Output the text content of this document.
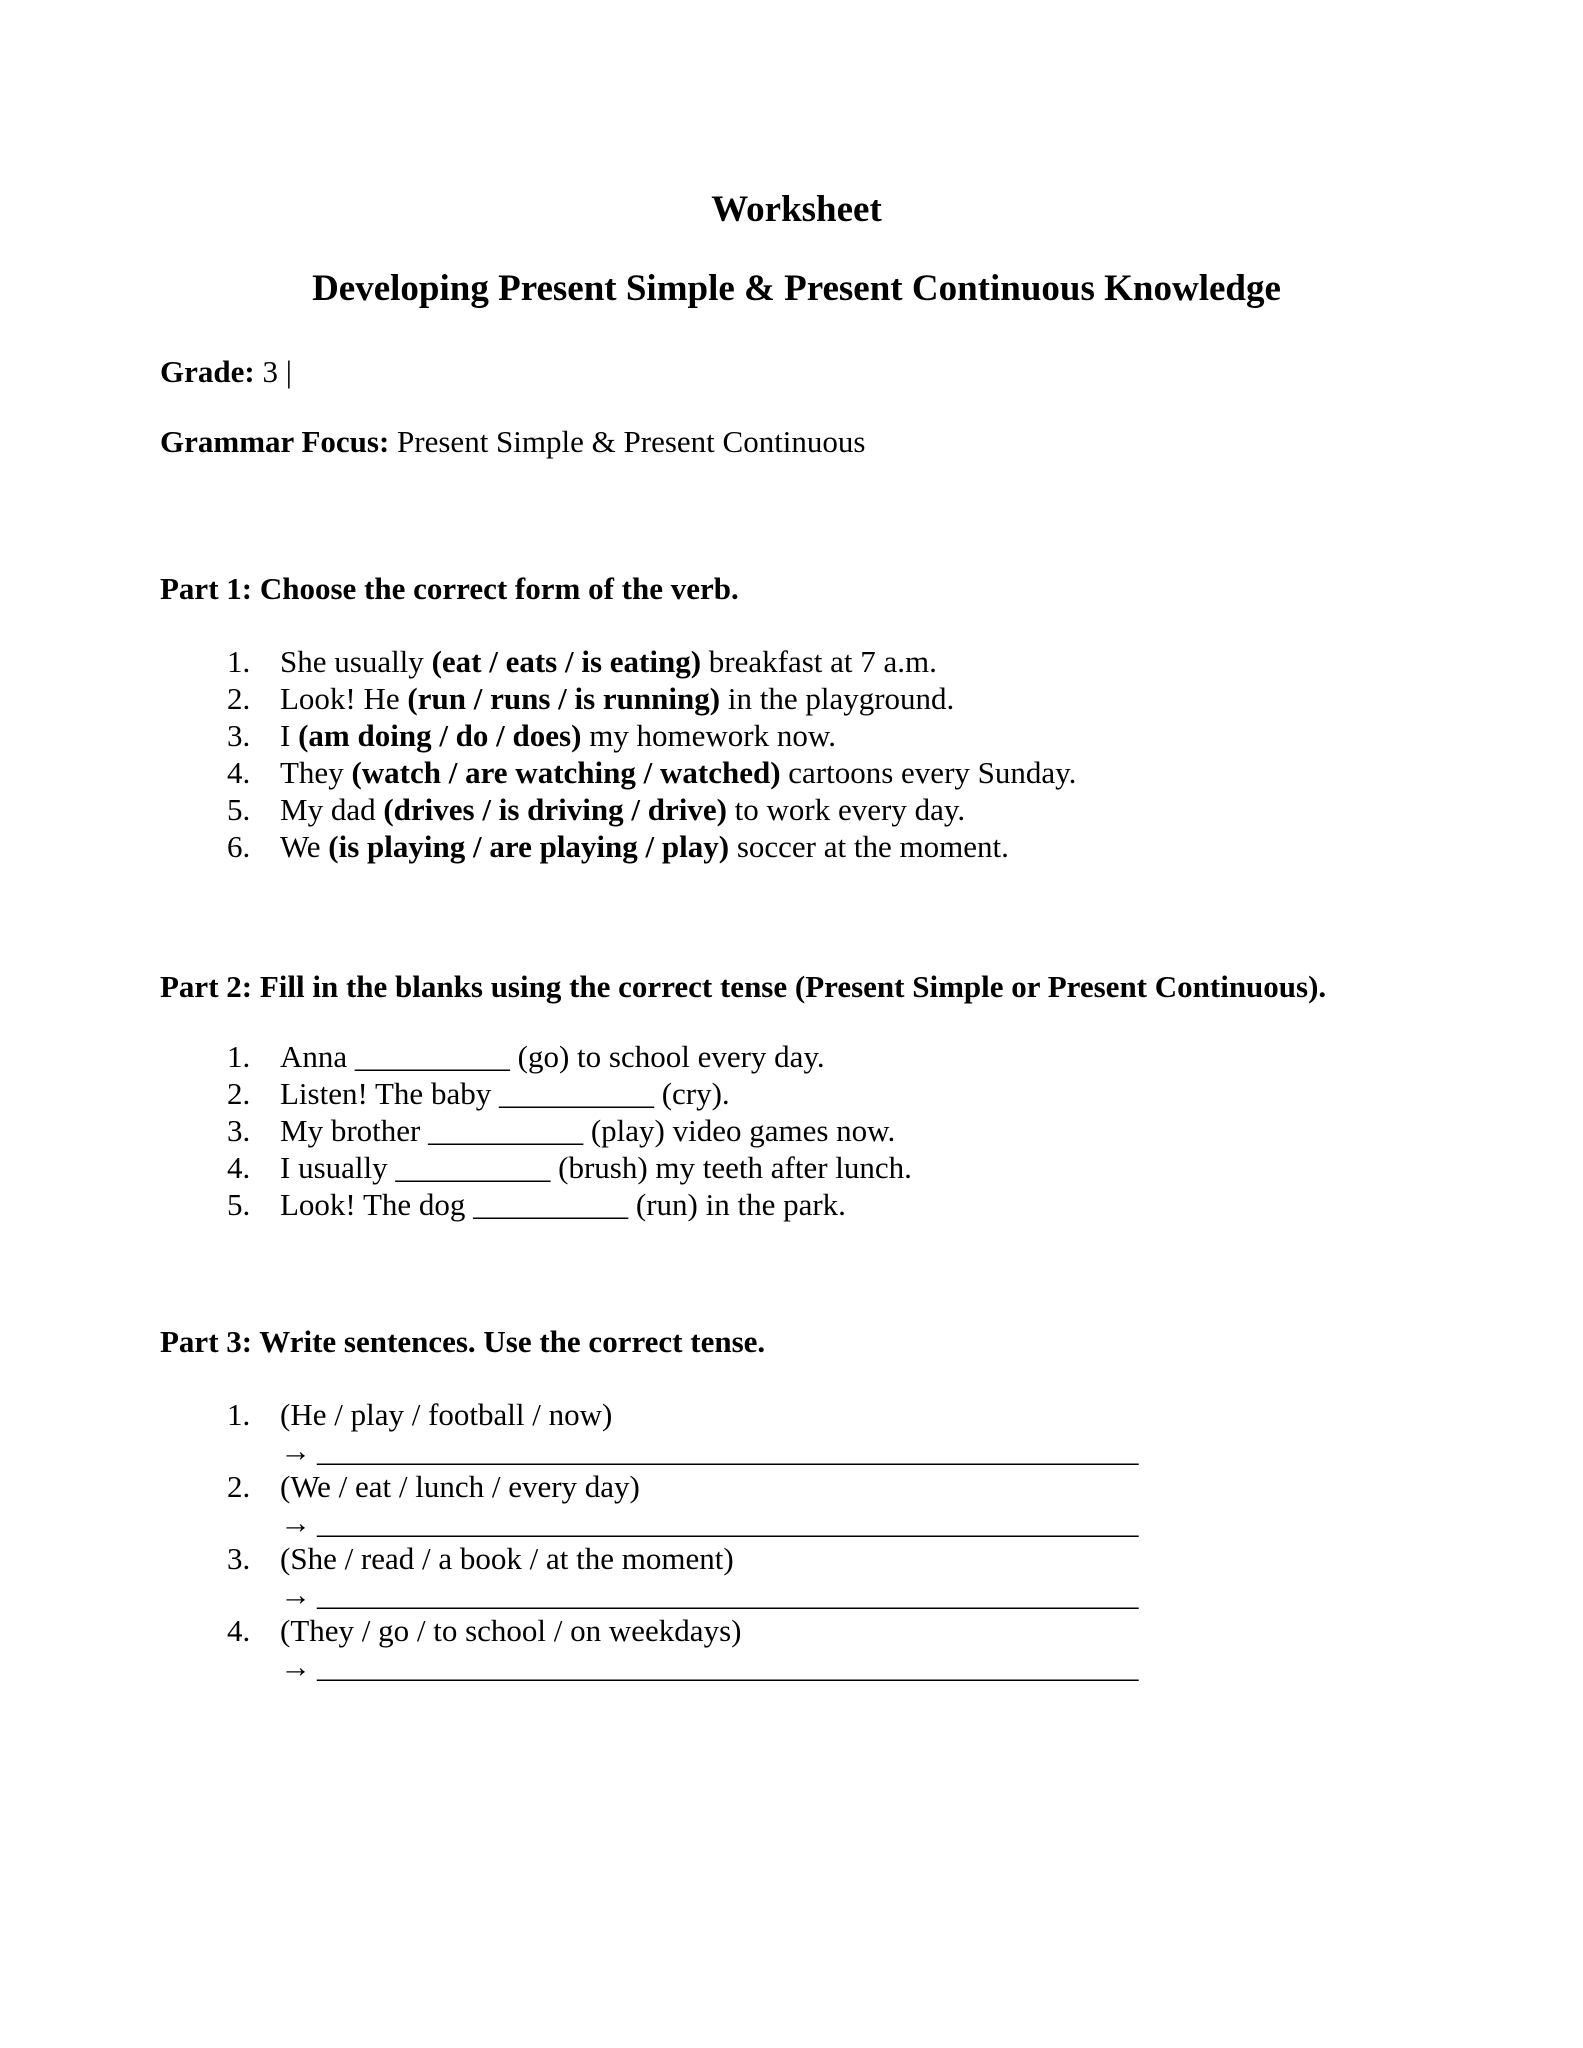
Worksheet
Developing Present Simple & Present Continuous Knowledge
Grade: 3 |
Grammar Focus: Present Simple & Present Continuous
Part 1: Choose the correct form of the verb.
1. She usually (eat / eats / is eating) breakfast at 7 a.m.
2. Look! He (run / runs / is running) in the playground.
3. I (am doing / do / does) my homework now.
4. They (watch / are watching / watched) cartoons every Sunday.
5. My dad (drives / is driving / drive) to work every day.
6. We (is playing / are playing / play) soccer at the moment.
Part 2: Fill in the blanks using the correct tense (Present Simple or Present Continuous).
1. Anna __________ (go) to school every day.
2. Listen! The baby __________ (cry).
3. My brother __________ (play) video games now.
4. I usually __________ (brush) my teeth after lunch.
5. Look! The dog __________ (run) in the park.
Part 3: Write sentences. Use the correct tense.
1. (He / play / football / now)
→ _____________________________________________________
2. (We / eat / lunch / every day)
→ _____________________________________________________
3. (She / read / a book / at the moment)
→ _____________________________________________________
4. (They / go / to school / on weekdays)
→ _____________________________________________________
